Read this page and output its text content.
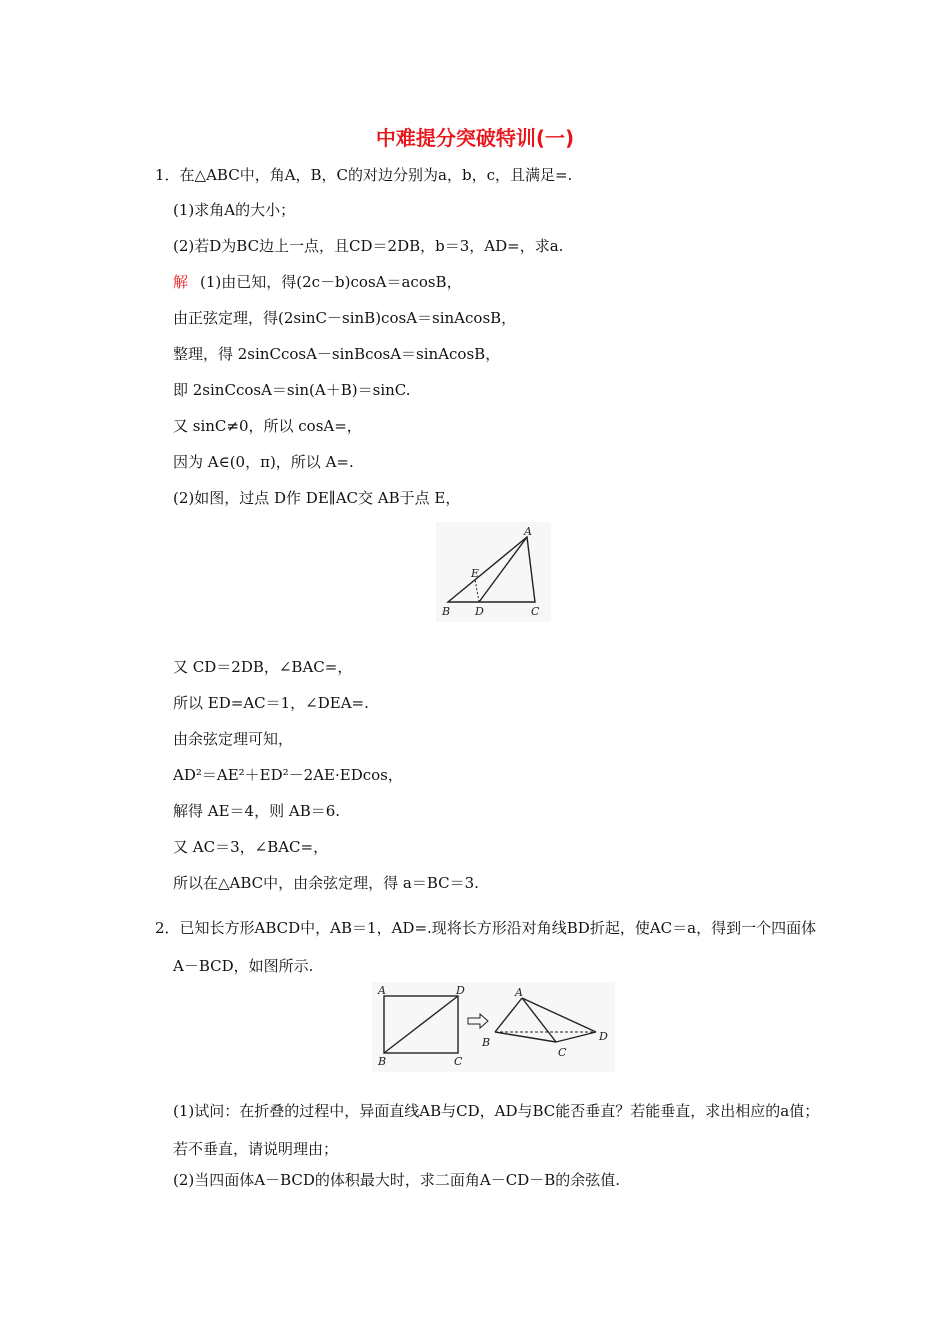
中难提分突破特训(一)
1．在△ABC中，角A，B，C的对边分别为a，b，c，且满足=.
(1)求角A的大小；
(2)若D为BC边上一点，且CD＝2DB，b＝3，AD=，求a.
解 (1)由已知，得(2c－b)cosA＝acosB，
由正弦定理，得(2sinC－sinB)cosA＝sinAcosB，
整理，得 2sinCcosA－sinBcosA＝sinAcosB，
即 2sinCcosA＝sin(A＋B)＝sinC.
又 sinC≠0，所以 cosA=，
因为 A∈(0，π)，所以 A=.
(2)如图，过点 D作 DE∥AC交 AB于点 E，
A
E
B D	C
又 CD＝2DB，∠BAC=，
所以 ED=AC＝1，∠DEA=.
由余弦定理可知，
AD²＝AE²＋ED²－2AE·EDcos，
解得 AE＝4，则 AB＝6.
又 AC＝3，∠BAC=，
所以在△ABC中，由余弦定理，得 a＝BC＝3.
2．已知长方形ABCD中，AB＝1，AD=.现将长方形沿对角线BD折起，使AC＝a，得到一个四面体A－BCD，如图所示.
A	D
B	C
A
B
C
D
(1)试问：在折叠的过程中，异面直线AB与CD，AD与BC能否垂直？若能垂直，求出相应的a值；若不垂直，请说明理由；
(2)当四面体A－BCD的体积最大时，求二面角A－CD－B的余弦值.
